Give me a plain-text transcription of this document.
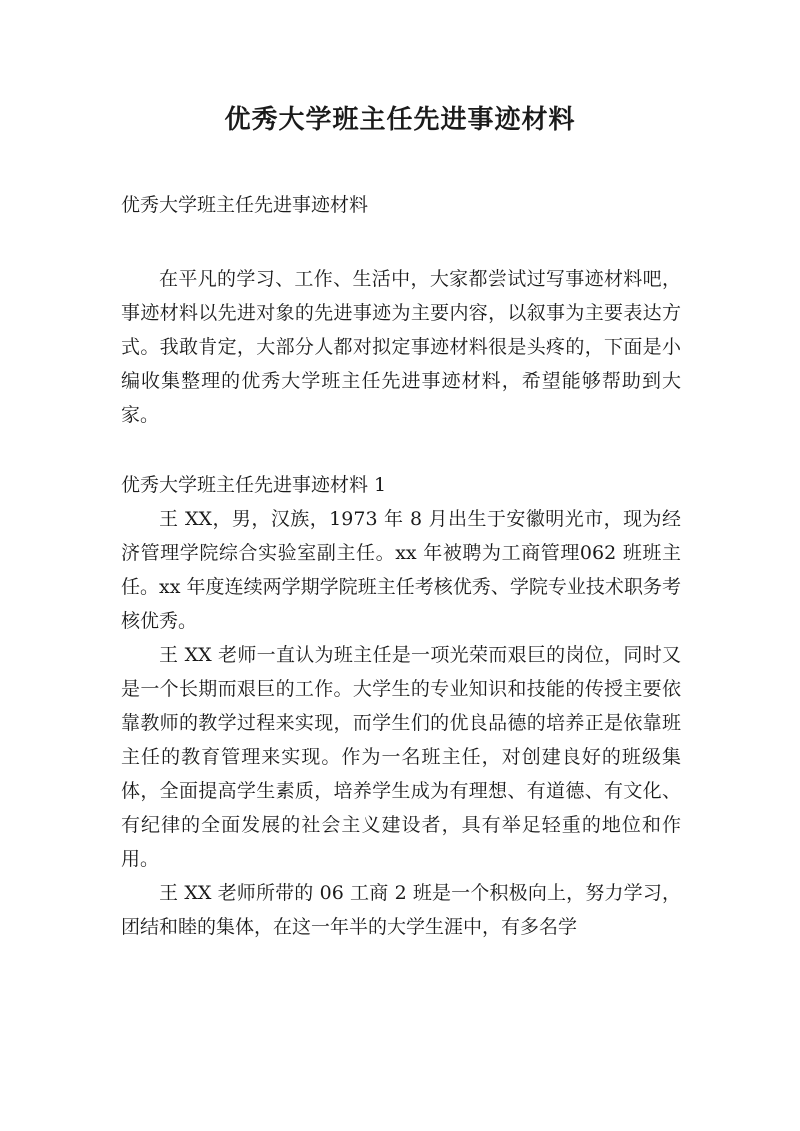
优秀大学班主任先进事迹材料

优秀大学班主任先进事迹材料

在平凡的学习、工作、生活中，大家都尝试过写事迹材料吧，事迹材料以先进对象的先进事迹为主要内容，以叙事为主要表达方式。我敢肯定，大部分人都对拟定事迹材料很是头疼的，下面是小编收集整理的优秀大学班主任先进事迹材料，希望能够帮助到大家。

优秀大学班主任先进事迹材料 1

王 XX，男，汉族，1973 年 8 月出生于安徽明光市，现为经济管理学院综合实验室副主任。xx 年被聘为工商管理062 班班主任。xx 年度连续两学期学院班主任考核优秀、学院专业技术职务考核优秀。

王 XX 老师一直认为班主任是一项光荣而艰巨的岗位，同时又是一个长期而艰巨的工作。大学生的专业知识和技能的传授主要依靠教师的教学过程来实现，而学生们的优良品德的培养正是依靠班主任的教育管理来实现。作为一名班主任，对创建良好的班级集体，全面提高学生素质，培养学生成为有理想、有道德、有文化、有纪律的全面发展的社会主义建设者，具有举足轻重的地位和作用。

王 XX 老师所带的 06 工商 2 班是一个积极向上，努力学习，团结和睦的集体，在这一年半的大学生涯中，有多名学
